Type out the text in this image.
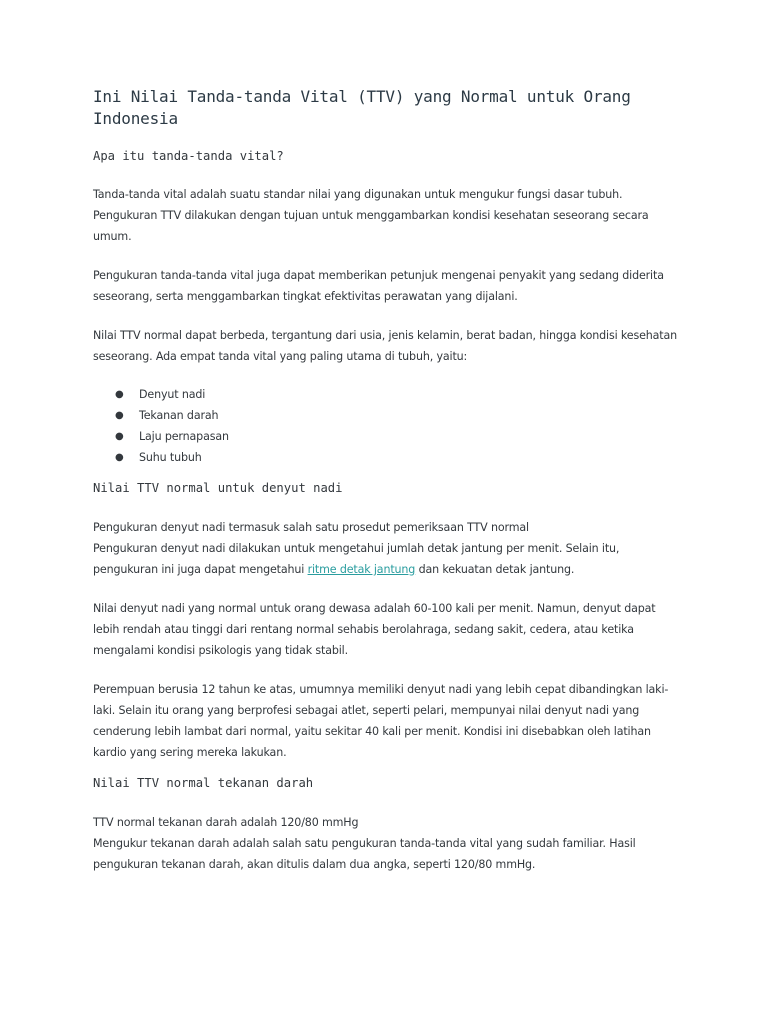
Ini Nilai Tanda-tanda Vital (TTV) yang Normal untuk Orang Indonesia
Apa itu tanda-tanda vital?

Tanda-tanda vital adalah suatu standar nilai yang digunakan untuk mengukur fungsi dasar tubuh.
Pengukuran TTV dilakukan dengan tujuan untuk menggambarkan kondisi kesehatan seseorang secara umum.

Pengukuran tanda-tanda vital juga dapat memberikan petunjuk mengenai penyakit yang sedang diderita seseorang, serta menggambarkan tingkat efektivitas perawatan yang dijalani.

Nilai TTV normal dapat berbeda, tergantung dari usia, jenis kelamin, berat badan, hingga kondisi kesehatan seseorang. Ada empat tanda vital yang paling utama di tubuh, yaitu:

● Denyut nadi
● Tekanan darah
● Laju pernapasan
● Suhu tubuh
Nilai TTV normal untuk denyut nadi

Pengukuran denyut nadi termasuk salah satu prosedut pemeriksaan TTV normal
Pengukuran denyut nadi dilakukan untuk mengetahui jumlah detak jantung per menit. Selain itu, pengukuran ini juga dapat mengetahui ritme detak jantung dan kekuatan detak jantung.

Nilai denyut nadi yang normal untuk orang dewasa adalah 60-100 kali per menit. Namun, denyut dapat lebih rendah atau tinggi dari rentang normal sehabis berolahraga, sedang sakit, cedera, atau ketika mengalami kondisi psikologis yang tidak stabil.

Perempuan berusia 12 tahun ke atas, umumnya memiliki denyut nadi yang lebih cepat dibandingkan laki-laki. Selain itu orang yang berprofesi sebagai atlet, seperti pelari, mempunyai nilai denyut nadi yang cenderung lebih lambat dari normal, yaitu sekitar 40 kali per menit. Kondisi ini disebabkan oleh latihan kardio yang sering mereka lakukan.

Nilai TTV normal tekanan darah

TTV normal tekanan darah adalah 120/80 mmHg
Mengukur tekanan darah adalah salah satu pengukuran tanda-tanda vital yang sudah familiar. Hasil pengukuran tekanan darah, akan ditulis dalam dua angka, seperti 120/80 mmHg.
